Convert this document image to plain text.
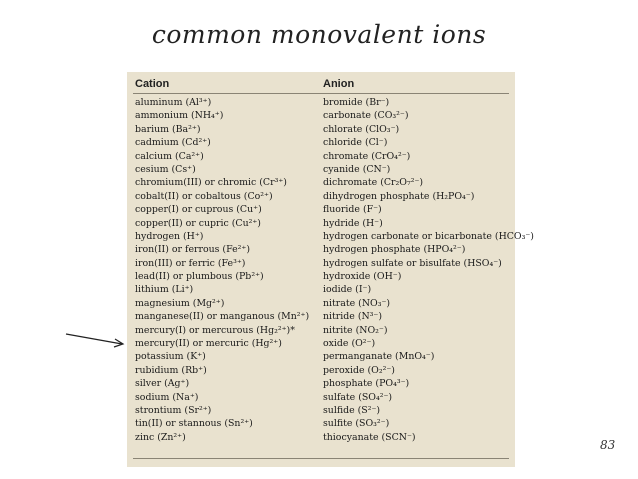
common monovalent ions
Cation	Anion
aluminum (Al³⁺)	bromide (Br⁻)
ammonium (NH₄⁺)	carbonate (CO₃²⁻)
barium (Ba²⁺)	chlorate (ClO₃⁻)
cadmium (Cd²⁺)	chloride (Cl⁻)
calcium (Ca²⁺)	chromate (CrO₄²⁻)
cesium (Cs⁺)	cyanide (CN⁻)
chromium(III) or chromic (Cr³⁺)	dichromate (Cr₂O₇²⁻)
cobalt(II) or cobaltous (Co²⁺)	dihydrogen phosphate (H₂PO₄⁻)
copper(I) or cuprous (Cu⁺)	fluoride (F⁻)
copper(II) or cupric (Cu²⁺)	hydride (H⁻)
hydrogen (H⁺)	hydrogen carbonate or bicarbonate (HCO₃⁻)
iron(II) or ferrous (Fe²⁺)	hydrogen phosphate (HPO₄²⁻)
iron(III) or ferric (Fe³⁺)	hydrogen sulfate or bisulfate (HSO₄⁻)
lead(II) or plumbous (Pb²⁺)	hydroxide (OH⁻)
lithium (Li⁺)	iodide (I⁻)
magnesium (Mg²⁺)	nitrate (NO₃⁻)
manganese(II) or manganous (Mn²⁺) nitride (N³⁻)
mercury(I) or mercurous (Hg₂²⁺)*	nitrite (NO₂⁻)
mercury(II) or mercuric (Hg²⁺)	oxide (O²⁻)
potassium (K⁺)	permanganate (MnO₄⁻)
rubidium (Rb⁺)	peroxide (O₂²⁻)
silver (Ag⁺)	phosphate (PO₄³⁻)
sodium (Na⁺)	sulfate (SO₄²⁻)
strontium (Sr²⁺)	sulfide (S²⁻)
tin(II) or stannous (Sn²⁺)	sulfite (SO₃²⁻)
zinc (Zn²⁺)	thiocyanate (SCN⁻)
83
